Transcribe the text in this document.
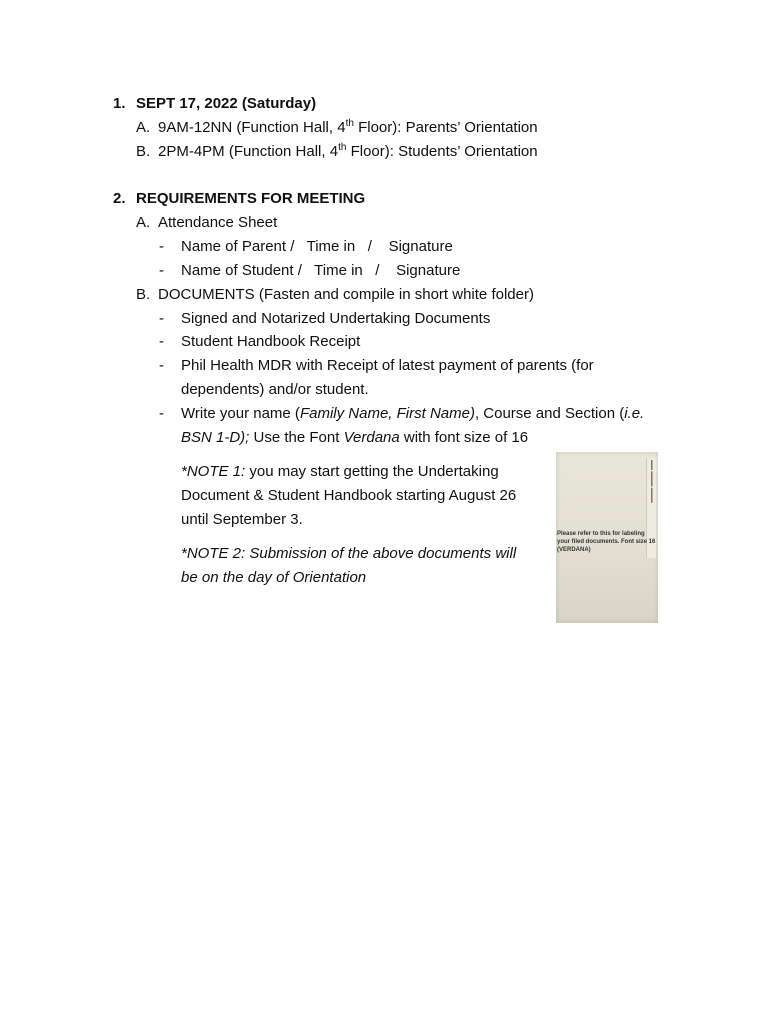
1. SEPT 17, 2022 (Saturday)
A. 9AM-12NN (Function Hall, 4th Floor): Parents’ Orientation
B. 2PM-4PM (Function Hall, 4th Floor): Students’ Orientation
2. REQUIREMENTS FOR MEETING
A. Attendance Sheet
- Name of Parent /   Time in   /    Signature
- Name of Student /   Time in   /    Signature
B. DOCUMENTS (Fasten and compile in short white folder)
- Signed and Notarized Undertaking Documents
- Student Handbook Receipt
- Phil Health MDR with Receipt of latest payment of parents (for
dependents) and/or student.
- Write your name (Family Name, First Name), Course and Section (i.e.
BSN 1-D); Use the Font Verdana with font size of 16
*NOTE 1: you may start getting the Undertaking
Document & Student Handbook starting August 26
until September 3.
*NOTE 2: Submission of the above documents will
be on the day of Orientation
▬▬ ▬▬▬ ▬▬▬
Please refer to this for labeling your filed documents. Font size 16 (VERDANA)
